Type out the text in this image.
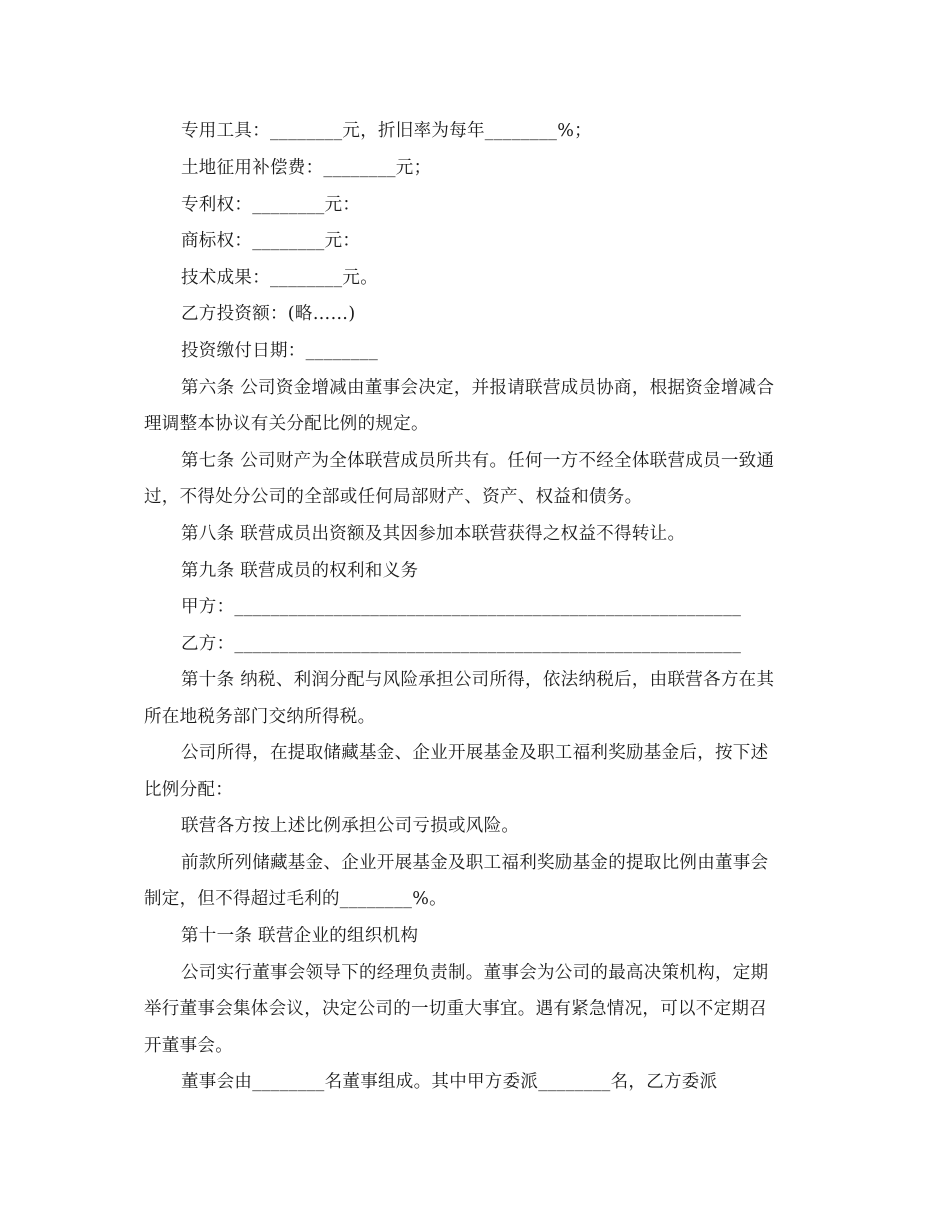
专用工具：________元，折旧率为每年________%；
土地征用补偿费：________元；
专利权：________元：
商标权：________元：
技术成果：________元。
乙方投资额：(略……)
投资缴付日期：________
第六条 公司资金增减由董事会决定，并报请联营成员协商，根据资金增减合
理调整本协议有关分配比例的规定。
第七条 公司财产为全体联营成员所共有。任何一方不经全体联营成员一致通
过，不得处分公司的全部或任何局部财产、资产、权益和债务。
第八条 联营成员出资额及其因参加本联营获得之权益不得转让。
第九条 联营成员的权利和义务
甲方：________________________________________________________
乙方：________________________________________________________
第十条 纳税、利润分配与风险承担公司所得，依法纳税后，由联营各方在其
所在地税务部门交纳所得税。
公司所得，在提取储藏基金、企业开展基金及职工福利奖励基金后，按下述
比例分配：
联营各方按上述比例承担公司亏损或风险。
前款所列储藏基金、企业开展基金及职工福利奖励基金的提取比例由董事会
制定，但不得超过毛利的________%。
第十一条 联营企业的组织机构
公司实行董事会领导下的经理负责制。董事会为公司的最高决策机构，定期
举行董事会集体会议，决定公司的一切重大事宜。遇有紧急情况，可以不定期召
开董事会。
董事会由________名董事组成。其中甲方委派________名，乙方委派
